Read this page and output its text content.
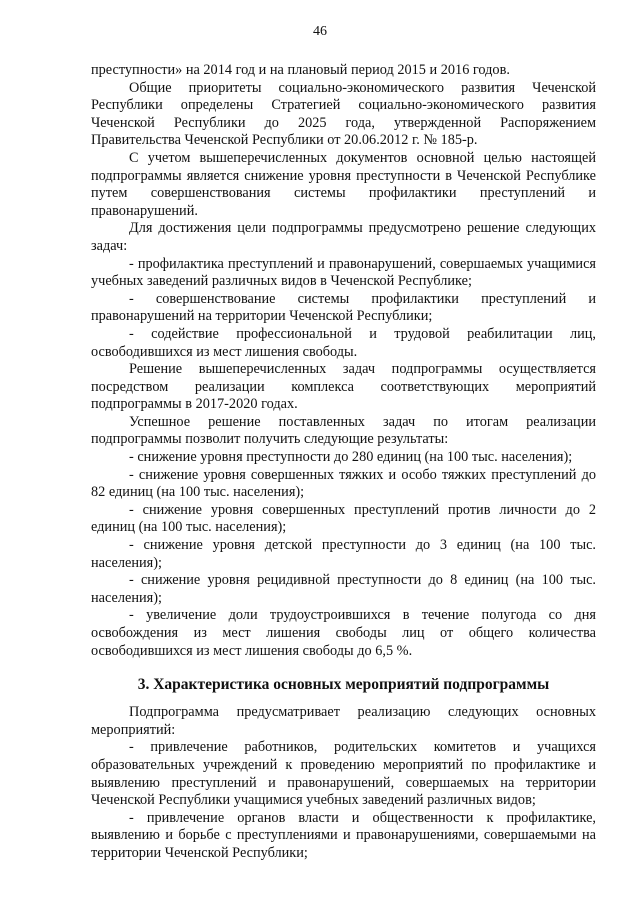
46

преступности» на 2014 год и на плановый период 2015 и 2016 годов.

Общие приоритеты социально-экономического развития Чеченской Республики определены Стратегией социально-экономического развития Чеченской Республики до 2025 года, утвержденной Распоряжением Правительства Чеченской Республики от 20.06.2012 г. № 185-р.

С учетом вышеперечисленных документов основной целью настоящей подпрограммы является снижение уровня преступности в Чеченской Республике путем совершенствования системы профилактики преступлений и правонарушений.

Для достижения цели подпрограммы предусмотрено решение следующих задач:

- профилактика преступлений и правонарушений, совершаемых учащимися учебных заведений различных видов в Чеченской Республике;

- совершенствование системы профилактики преступлений и правонарушений на территории Чеченской Республики;

- содействие профессиональной и трудовой реабилитации лиц, освободившихся из мест лишения свободы.

Решение вышеперечисленных задач подпрограммы осуществляется посредством реализации комплекса соответствующих мероприятий подпрограммы в 2017-2020 годах.

Успешное решение поставленных задач по итогам реализации подпрограммы позволит получить следующие результаты:

- снижение уровня преступности до 280 единиц (на 100 тыс. населения);

- снижение уровня совершенных тяжких и особо тяжких преступлений до 82 единиц (на 100 тыс. населения);

- снижение уровня совершенных преступлений против личности до 2 единиц (на 100 тыс. населения);

- снижение уровня детской преступности до 3 единиц (на 100 тыс. населения);

- снижение уровня рецидивной преступности до 8 единиц (на 100 тыс. населения);

- увеличение доли трудоустроившихся в течение полугода со дня освобождения из мест лишения свободы лиц от общего количества освободившихся из мест лишения свободы до 6,5 %.

3. Характеристика основных мероприятий подпрограммы

Подпрограмма предусматривает реализацию следующих основных мероприятий:

- привлечение работников, родительских комитетов и учащихся образовательных учреждений к проведению мероприятий по профилактике и выявлению преступлений и правонарушений, совершаемых на территории Чеченской Республики учащимися учебных заведений различных видов;

- привлечение органов власти и общественности к профилактике, выявлению и борьбе с преступлениями и правонарушениями, совершаемыми на территории Чеченской Республики;
